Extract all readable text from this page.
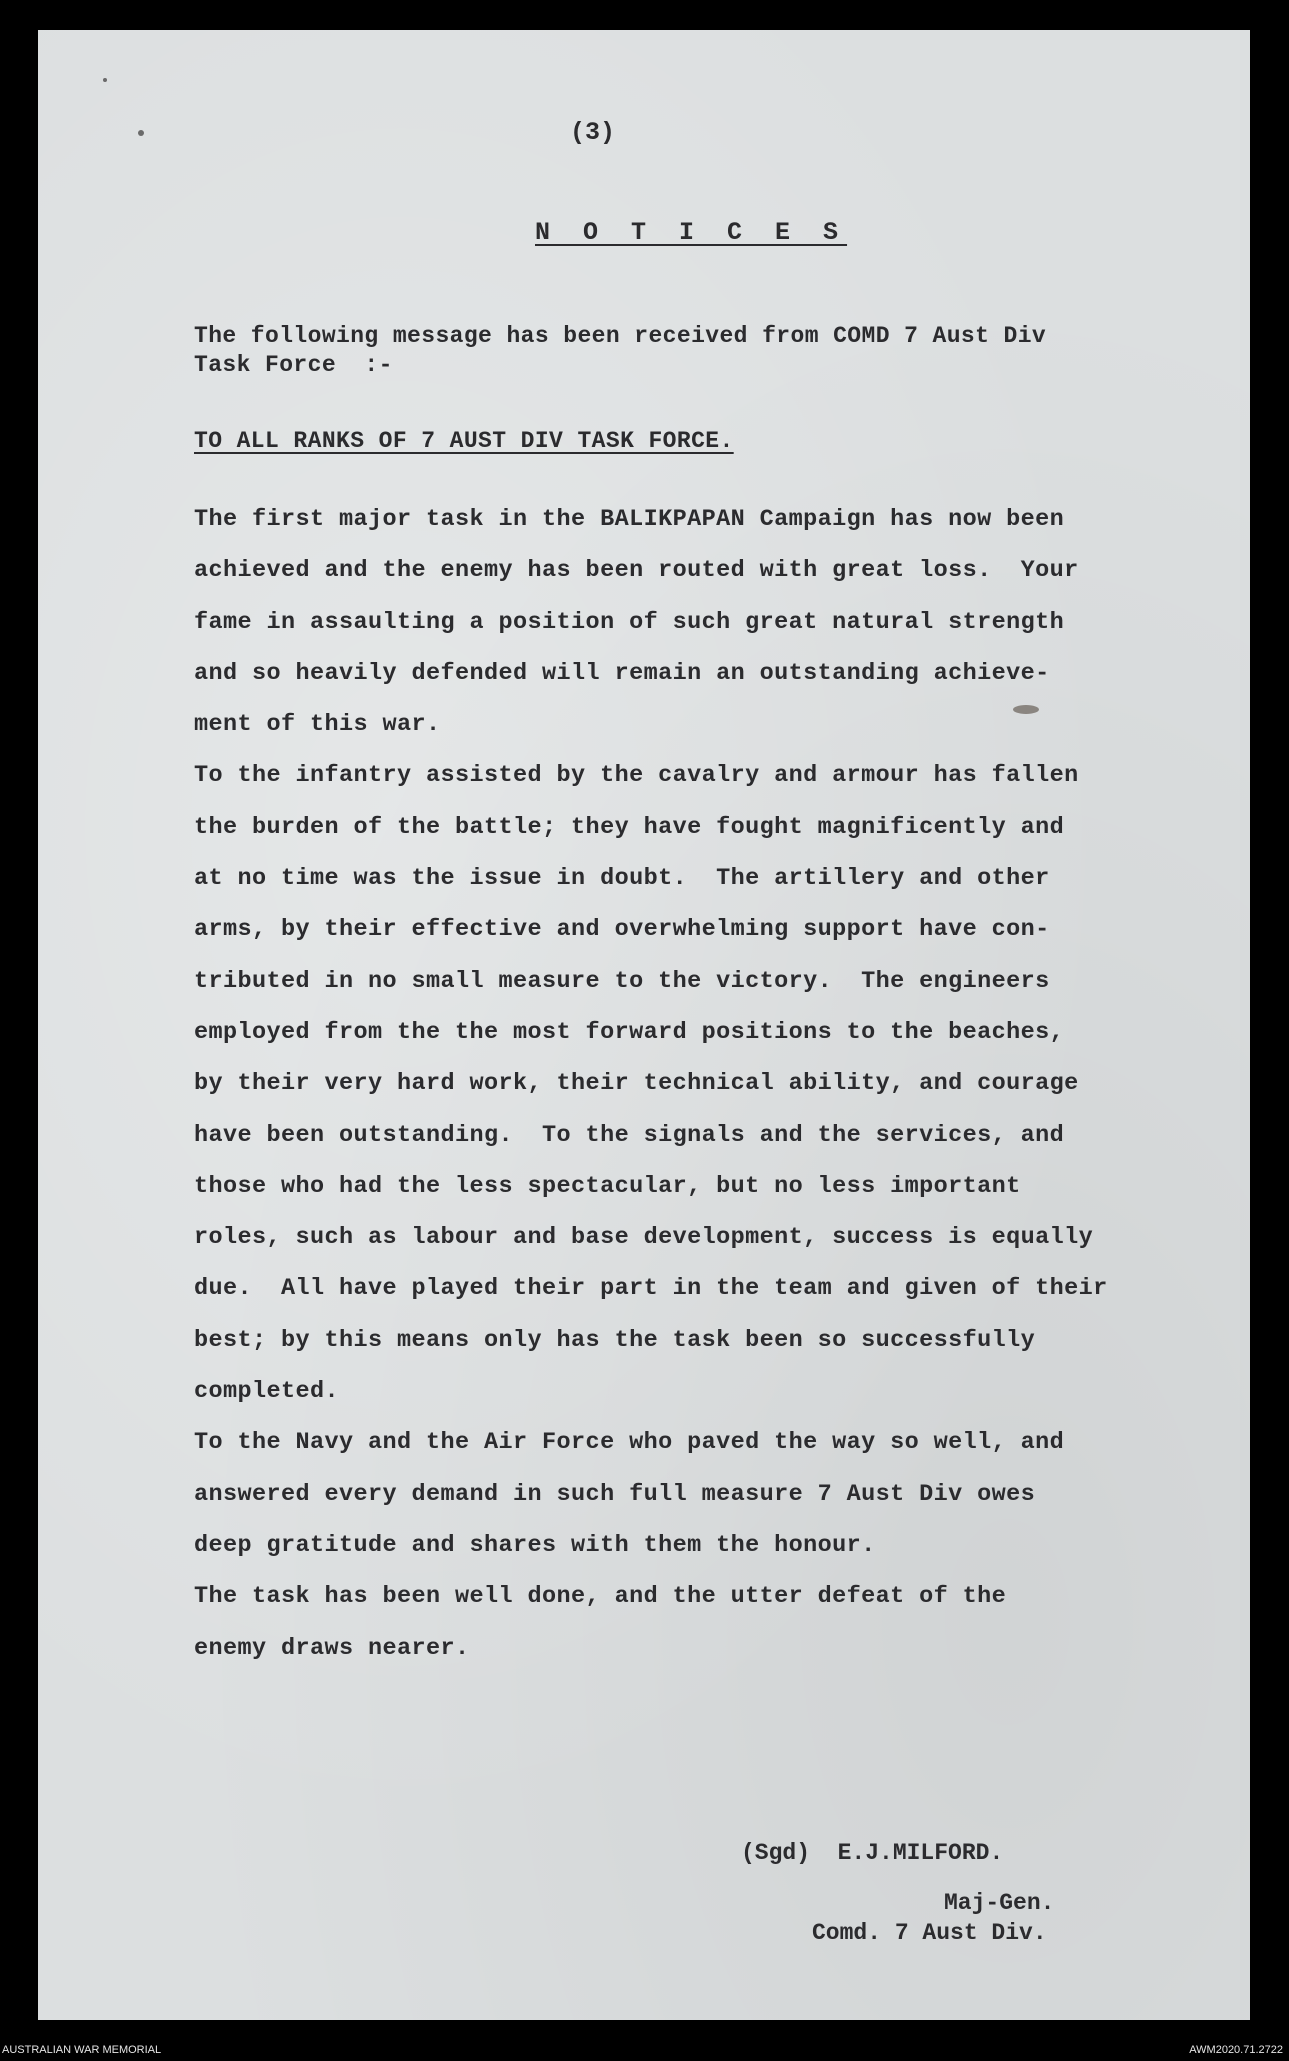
(3)
N O T I C E S
The following message has been received from COMD 7 Aust Div
Task Force  :-
TO ALL RANKS OF 7 AUST DIV TASK FORCE.
The first major task in the BALIKPAPAN Campaign has now been
achieved and the enemy has been routed with great loss.  Your
fame in assaulting a position of such great natural strength
and so heavily defended will remain an outstanding achieve-
ment of this war.
To the infantry assisted by the cavalry and armour has fallen
the burden of the battle; they have fought magnificently and
at no time was the issue in doubt.  The artillery and other
arms, by their effective and overwhelming support have con-
tributed in no small measure to the victory.  The engineers
employed from the the most forward positions to the beaches,
by their very hard work, their technical ability, and courage
have been outstanding.  To the signals and the services, and
those who had the less spectacular, but no less important
roles, such as labour and base development, success is equally
due.  All have played their part in the team and given of their
best; by this means only has the task been so successfully
completed.
To the Navy and the Air Force who paved the way so well, and
answered every demand in such full measure 7 Aust Div owes
deep gratitude and shares with them the honour.
The task has been well done, and the utter defeat of the
enemy draws nearer.
(Sgd)  E.J.MILFORD.
Maj-Gen.
Comd. 7 Aust Div.
AUSTRALIAN WAR MEMORIAL	AWM2020.71.2722
